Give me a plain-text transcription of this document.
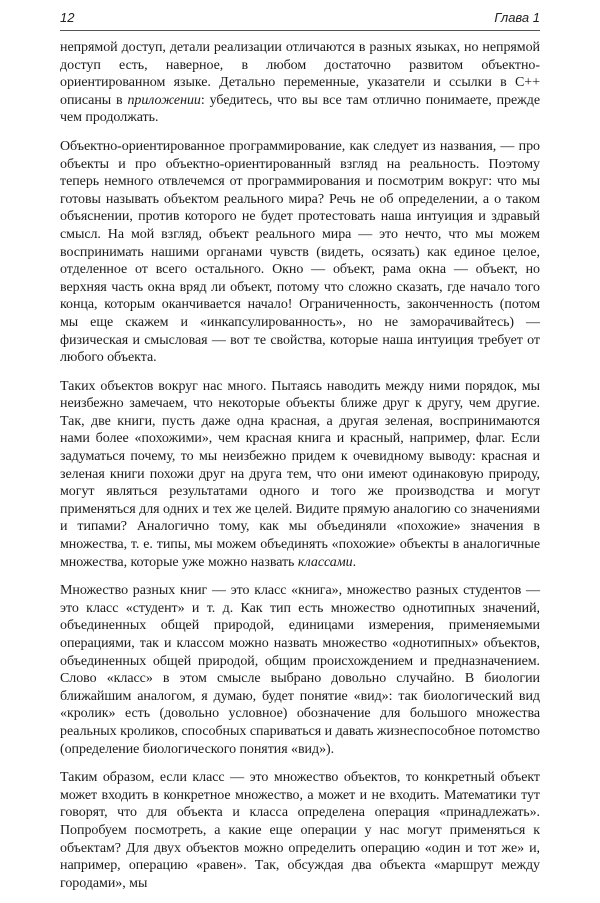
12	Глава 1

непрямой доступ, детали реализации отличаются в разных языках, но непрямой доступ есть, наверное, в любом достаточно развитом объектно-ориентированном языке. Детально переменные, указатели и ссылки в C++ описаны в приложении: убедитесь, что вы все там отлично понимаете, прежде чем продолжать.

Объектно-ориентированное программирование, как следует из названия, — про объекты и про объектно-ориентированный взгляд на реальность. Поэтому теперь немного отвлечемся от программирования и посмотрим вокруг: что мы готовы называть объектом реального мира? Речь не об определении, а о таком объяснении, против которого не будет протестовать наша интуиция и здравый смысл. На мой взгляд, объект реального мира — это нечто, что мы можем воспринимать нашими органами чувств (видеть, осязать) как единое целое, отделенное от всего остального. Окно — объект, рама окна — объект, но верхняя часть окна вряд ли объект, потому что сложно сказать, где начало того конца, которым оканчивается начало! Ограниченность, законченность (потом мы еще скажем и «инкапсулированность», но не заморачивайтесь) — физическая и смысловая — вот те свойства, которые наша интуиция требует от любого объекта.

Таких объектов вокруг нас много. Пытаясь наводить между ними порядок, мы неизбежно замечаем, что некоторые объекты ближе друг к другу, чем другие. Так, две книги, пусть даже одна красная, а другая зеленая, воспринимаются нами более «похожими», чем красная книга и красный, например, флаг. Если задуматься почему, то мы неизбежно придем к очевидному выводу: красная и зеленая книги похожи друг на друга тем, что они имеют одинаковую природу, могут являться результатами одного и того же производства и могут применяться для одних и тех же целей. Видите прямую аналогию со значениями и типами? Аналогично тому, как мы объединяли «похожие» значения в множества, т. е. типы, мы можем объединять «похожие» объекты в аналогичные множества, которые уже можно назвать классами.

Множество разных книг — это класс «книга», множество разных студентов — это класс «студент» и т. д. Как тип есть множество однотипных значений, объединенных общей природой, единицами измерения, применяемыми операциями, так и классом можно назвать множество «однотипных» объектов, объединенных общей природой, общим происхождением и предназначением. Слово «класс» в этом смысле выбрано довольно случайно. В биологии ближайшим аналогом, я думаю, будет понятие «вид»: так биологический вид «кролик» есть (довольно условное) обозначение для большого множества реальных кроликов, способных спариваться и давать жизнеспособное потомство (определение биологического понятия «вид»).

Таким образом, если класс — это множество объектов, то конкретный объект может входить в конкретное множество, а может и не входить. Математики тут говорят, что для объекта и класса определена операция «принадлежать». Попробуем посмотреть, а какие еще операции у нас могут применяться к объектам? Для двух объектов можно определить операцию «один и тот же» и, например, операцию «равен». Так, обсуждая два объекта «маршрут между городами», мы
